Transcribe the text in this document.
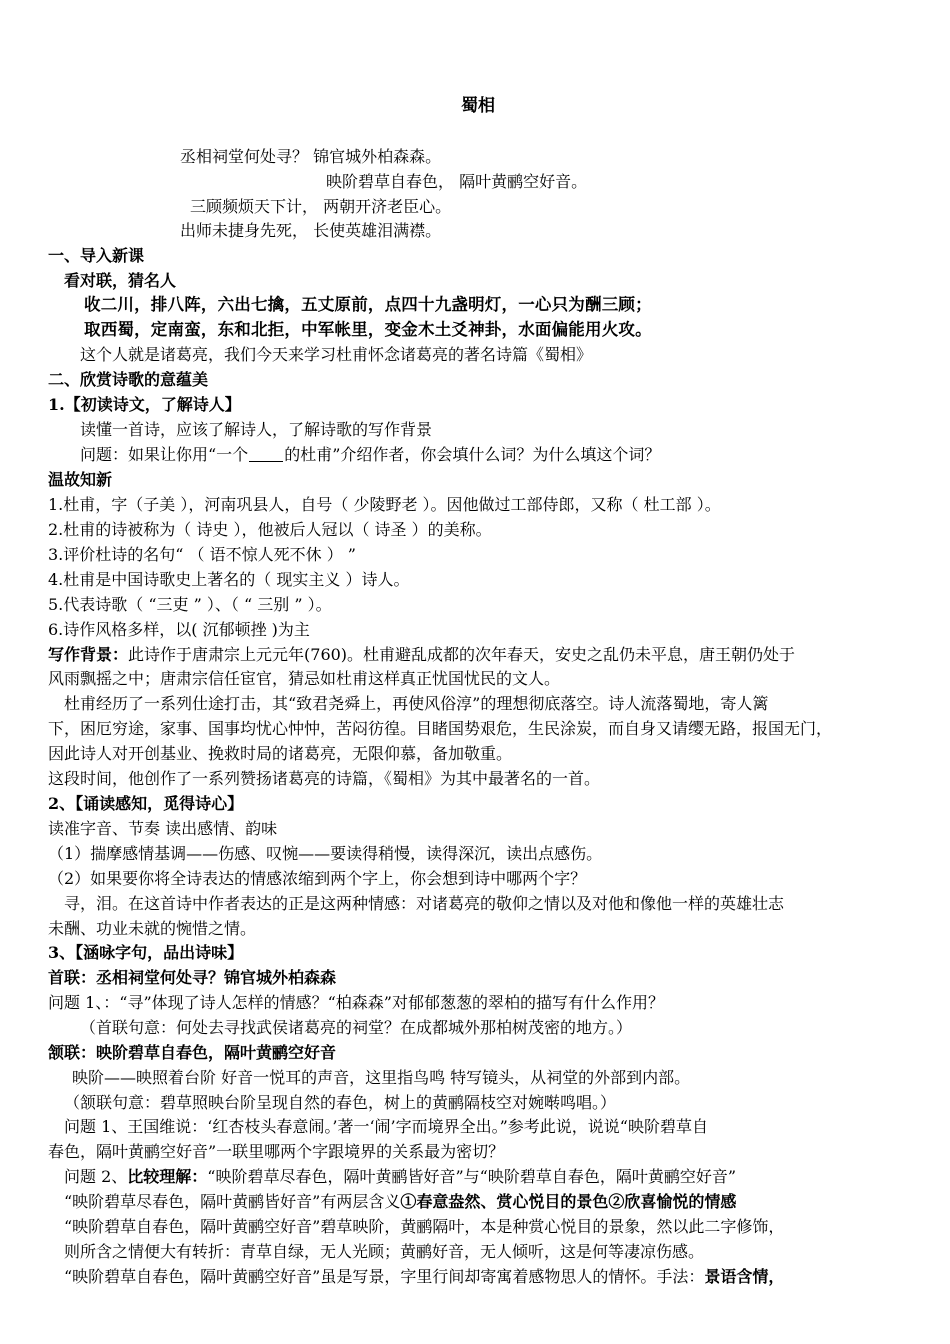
蜀相
丞相祠堂何处寻？ 锦官城外柏森森。
映阶碧草自春色， 隔叶黄鹂空好音。
三顾频烦天下计， 两朝开济老臣心。
出师未捷身先死， 长使英雄泪满襟。
一、导入新课
看对联，猜名人
收二川，排八阵，六出七擒，五丈原前，点四十九盏明灯，一心只为酬三顾；
取西蜀，定南蛮，东和北拒，中军帐里，变金木土爻神卦，水面偏能用火攻。
这个人就是诸葛亮，我们今天来学习杜甫怀念诸葛亮的著名诗篇《蜀相》
二、欣赏诗歌的意蕴美
1.【初读诗文，了解诗人】
读懂一首诗，应该了解诗人，了解诗歌的写作背景
问题：如果让你用“一个 的杜甫”介绍作者，你会填什么词？为什么填这个词？
温故知新
1.杜甫，字（子美 ），河南巩县人，自号（ 少陵野老 ）。因他做过工部侍郎，又称（ 杜工部 ）。
2.杜甫的诗被称为（ 诗史 ），他被后人冠以（ 诗圣 ）的美称。
3.评价杜诗的名句“ （ 语不惊人死不休 ） ”
4.杜甫是中国诗歌史上著名的（ 现实主义 ）诗人。
5.代表诗歌（ “三吏 ” ）、（ “ 三别 ” ）。
6.诗作风格多样，以( 沉郁顿挫 )为主
写作背景：此诗作于唐肃宗上元元年(760)。杜甫避乱成都的次年春天，安史之乱仍未平息，唐王朝仍处于
风雨飘摇之中；唐肃宗信任宦官，猜忌如杜甫这样真正忧国忧民的文人。
杜甫经历了一系列仕途打击，其“致君尧舜上，再使风俗淳”的理想彻底落空。诗人流落蜀地，寄人篱
下，困厄穷途，家事、国事均忧心忡忡，苦闷彷徨。目睹国势艰危，生民涂炭，而自身又请缨无路，报国无门，
因此诗人对开创基业、挽救时局的诸葛亮，无限仰慕，备加敬重。
这段时间，他创作了一系列赞扬诸葛亮的诗篇，《蜀相》为其中最著名的一首。
2、【诵读感知，觅得诗心】
读准字音、节奏 读出感情、韵味
（1）揣摩感情基调——伤感、叹惋——要读得稍慢，读得深沉，读出点感伤。
（2）如果要你将全诗表达的情感浓缩到两个字上，你会想到诗中哪两个字？
寻，泪。在这首诗中作者表达的正是这两种情感：对诸葛亮的敬仰之情以及对他和像他一样的英雄壮志
未酬、功业未就的惋惜之情。
3、【涵咏字句，品出诗味】
首联：丞相祠堂何处寻？锦官城外柏森森
问题 1、：“寻”体现了诗人怎样的情感？“柏森森”对郁郁葱葱的翠柏的描写有什么作用？
（首联句意：何处去寻找武侯诸葛亮的祠堂？在成都城外那柏树茂密的地方。）
颔联：映阶碧草自春色，隔叶黄鹂空好音
映阶——映照着台阶 好音一悦耳的声音，这里指鸟鸣 特写镜头，从祠堂的外部到内部。
（颔联句意：碧草照映台阶呈现自然的春色，树上的黄鹂隔枝空对婉啭鸣唱。）
问题 1、王国维说：‘红杏枝头春意闹。’著一‘闹’字而境界全出。”参考此说，说说“映阶碧草自
春色，隔叶黄鹂空好音”一联里哪两个字跟境界的关系最为密切？
问题 2、比较理解：“映阶碧草尽春色，隔叶黄鹂皆好音”与“映阶碧草自春色，隔叶黄鹂空好音”
“映阶碧草尽春色，隔叶黄鹂皆好音”有两层含义①春意盎然、赏心悦目的景色②欣喜愉悦的情感
“映阶碧草自春色，隔叶黄鹂空好音”碧草映阶，黄鹂隔叶，本是种赏心悦目的景象，然以此二字修饰，
则所含之情便大有转折：青草自绿，无人光顾；黄鹂好音，无人倾听，这是何等凄凉伤感。
“映阶碧草自春色，隔叶黄鹂空好音”虽是写景，字里行间却寄寓着感物思人的情怀。手法：景语含情，
